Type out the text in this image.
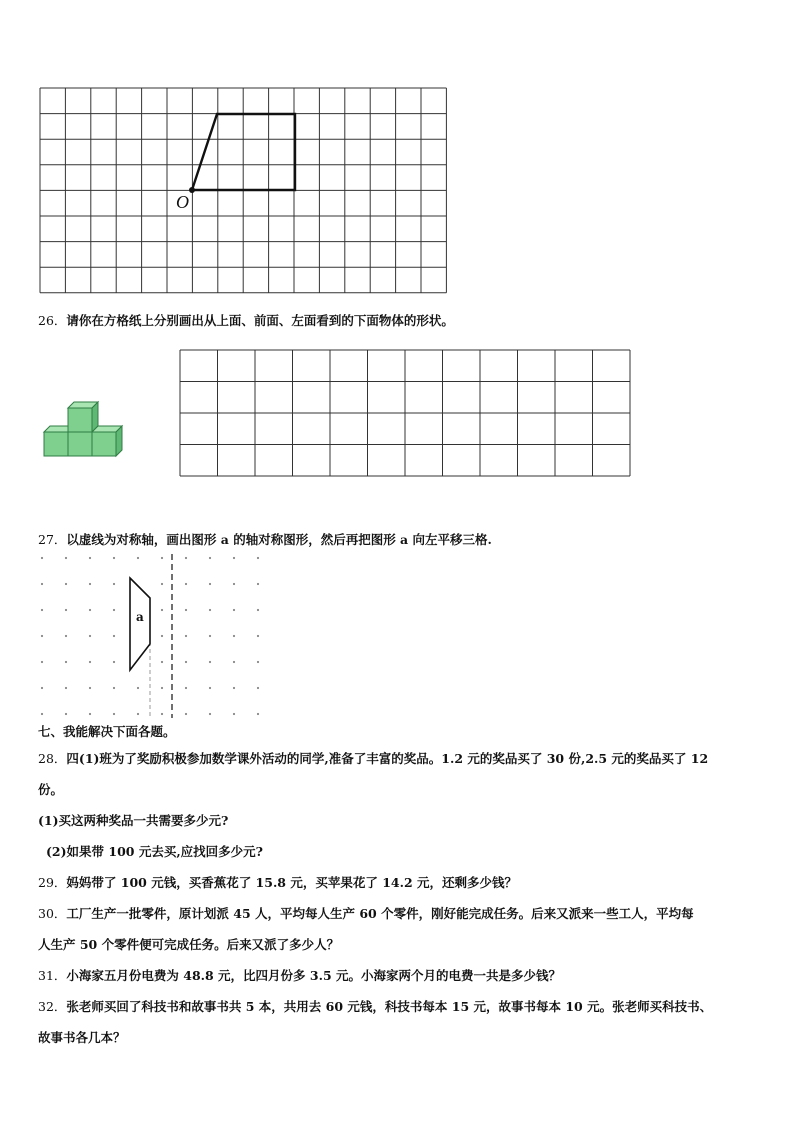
O
26．请你在方格纸上分别画出从上面、前面、左面看到的下面物体的形状。
27．以虚线为对称轴，画出图形 a 的轴对称图形，然后再把图形 a 向左平移三格.
a
七、我能解决下面各题。
28．四(1)班为了奖励积极参加数学课外活动的同学,准备了丰富的奖品。1.2 元的奖品买了 30 份,2.5 元的奖品买了 12
份。
(1)买这两种奖品一共需要多少元?
(2)如果带 100 元去买,应找回多少元?
29．妈妈带了 100 元钱，买香蕉花了 15.8 元，买苹果花了 14.2 元，还剩多少钱？
30．工厂生产一批零件，原计划派 45 人，平均每人生产 60 个零件，刚好能完成任务。后来又派来一些工人，平均每
人生产 50 个零件便可完成任务。后来又派了多少人？
31．小海家五月份电费为 48.8 元，比四月份多 3.5 元。小海家两个月的电费一共是多少钱？
32．张老师买回了科技书和故事书共 5 本，共用去 60 元钱，科技书每本 15 元，故事书每本 10 元。张老师买科技书、
故事书各几本？
